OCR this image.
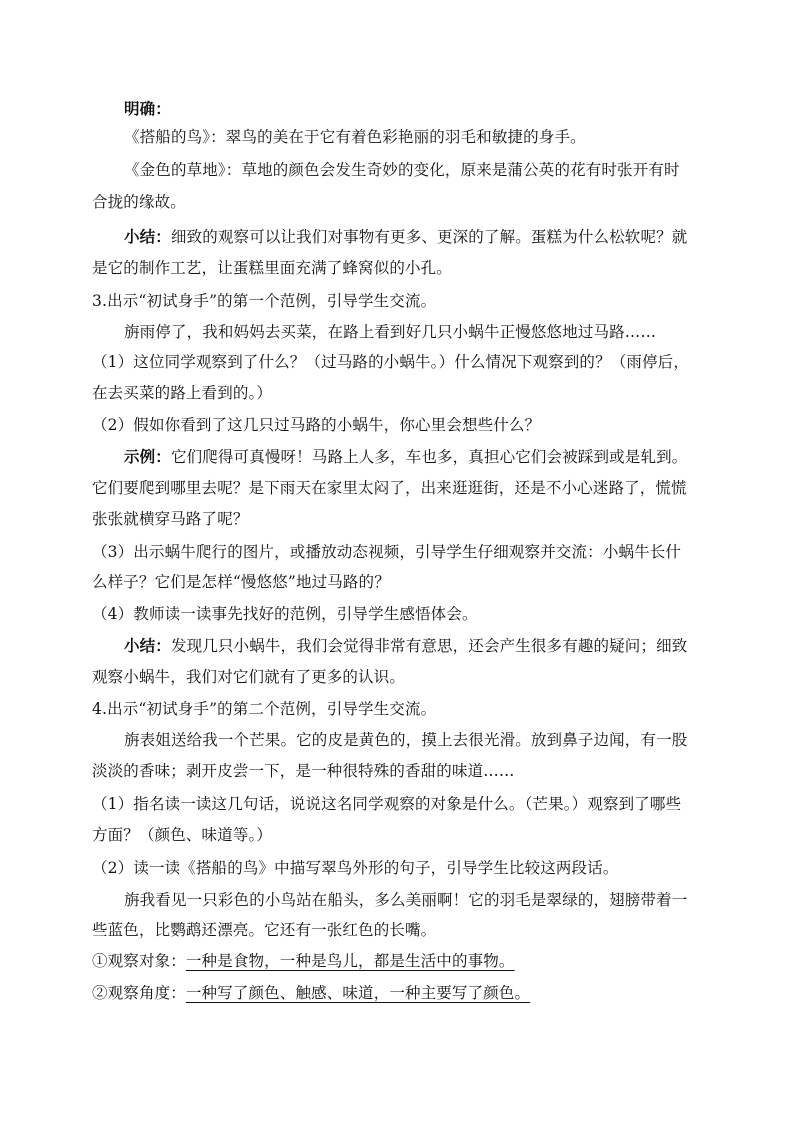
明确：
《搭船的鸟》：翠鸟的美在于它有着色彩艳丽的羽毛和敏捷的身手。
《金色的草地》：草地的颜色会发生奇妙的变化，原来是蒲公英的花有时张开有时
合拢的缘故。
小结：细致的观察可以让我们对事物有更多、更深的了解。蛋糕为什么松软呢？就
是它的制作工艺，让蛋糕里面充满了蜂窝似的小孔。
3.出示“初试身手”的第一个范例，引导学生交流。
旃雨停了，我和妈妈去买菜，在路上看到好几只小蜗牛正慢悠悠地过马路……
（1）这位同学观察到了什么？（过马路的小蜗牛。）什么情况下观察到的？（雨停后，
在去买菜的路上看到的。）
（2）假如你看到了这几只过马路的小蜗牛，你心里会想些什么？
示例：它们爬得可真慢呀！马路上人多，车也多，真担心它们会被踩到或是轧到。
它们要爬到哪里去呢？是下雨天在家里太闷了，出来逛逛街，还是不小心迷路了，慌慌
张张就横穿马路了呢？
（3）出示蜗牛爬行的图片，或播放动态视频，引导学生仔细观察并交流：小蜗牛长什
么样子？它们是怎样“慢悠悠”地过马路的？
（4）教师读一读事先找好的范例，引导学生感悟体会。
小结：发现几只小蜗牛，我们会觉得非常有意思，还会产生很多有趣的疑问；细致
观察小蜗牛，我们对它们就有了更多的认识。
4.出示“初试身手”的第二个范例，引导学生交流。
旃表姐送给我一个芒果。它的皮是黄色的，摸上去很光滑。放到鼻子边闻，有一股
淡淡的香味；剥开皮尝一下，是一种很特殊的香甜的味道……
（1）指名读一读这几句话，说说这名同学观察的对象是什么。（芒果。）观察到了哪些
方面？（颜色、味道等。）
（2）读一读《搭船的鸟》中描写翠鸟外形的句子，引导学生比较这两段话。
旃我看见一只彩色的小鸟站在船头，多么美丽啊！它的羽毛是翠绿的，翅膀带着一
些蓝色，比鹦鹉还漂亮。它还有一张红色的长嘴。
①观察对象：一种是食物，一种是鸟儿，都是生活中的事物。
②观察角度：一种写了颜色、触感、味道，一种主要写了颜色。
